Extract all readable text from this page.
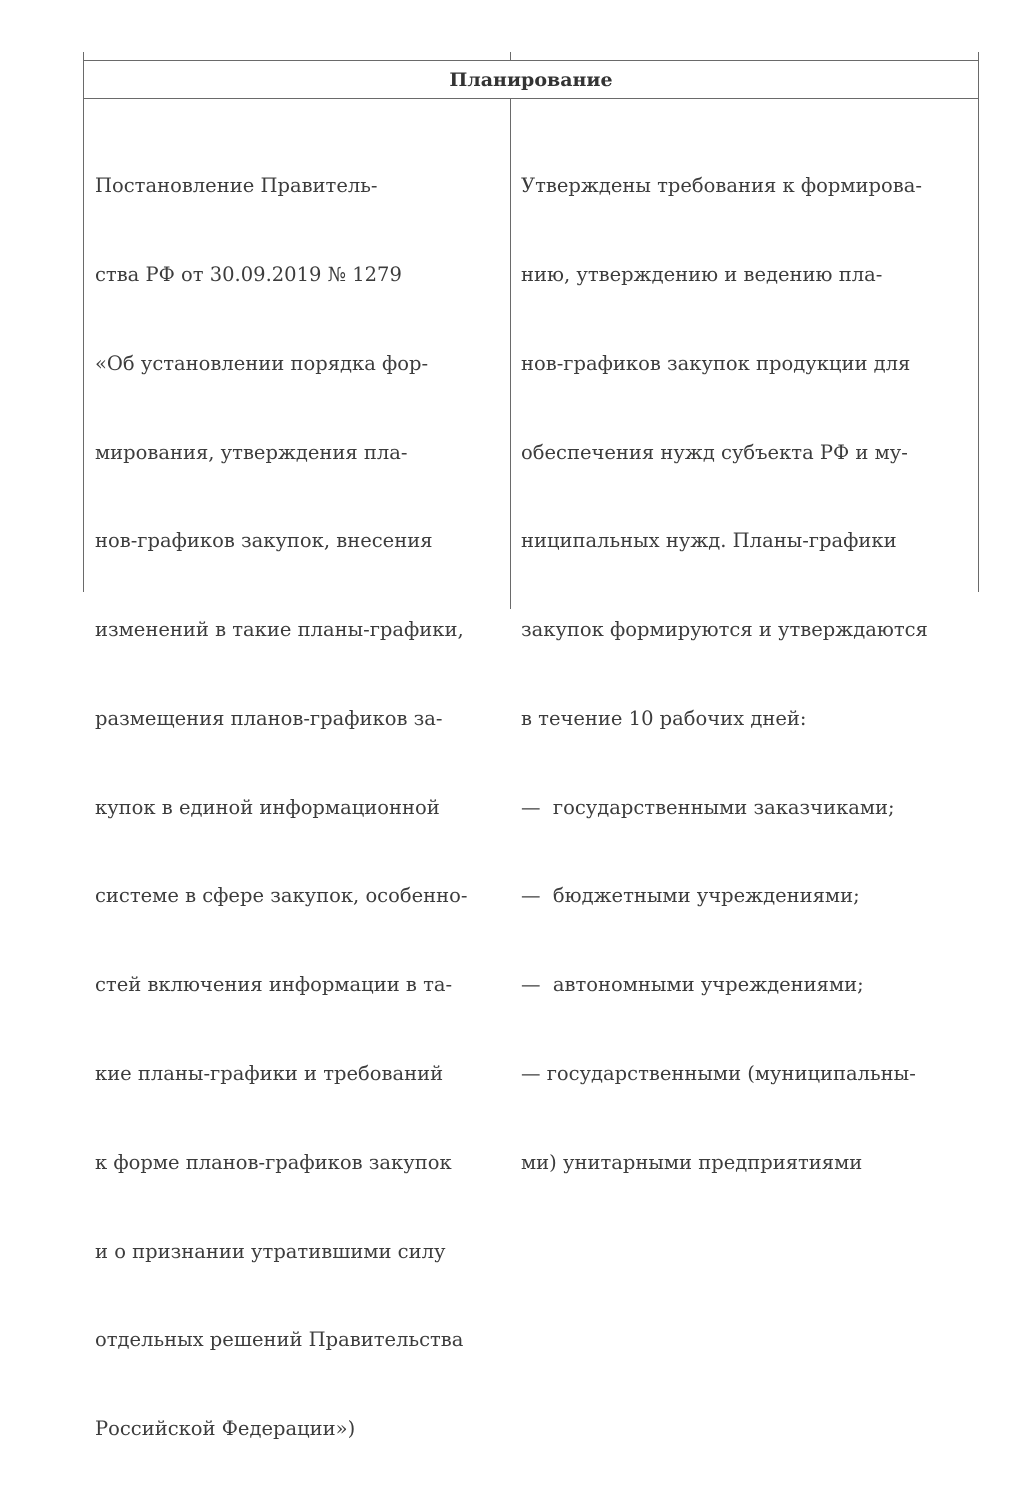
Планирование

Постановление Правитель-

ства РФ от 30.09.2019 № 1279

«Об установлении порядка фор-

мирования, утверждения пла-

нов-графиков закупок, внесения

изменений в такие планы-графики,

размещения планов-графиков за-

купок в единой информационной

системе в сфере закупок, особенно-

стей включения информации в та-

кие планы-графики и требований

к форме планов-графиков закупок

и о признании утратившими силу

отдельных решений Правительства

Российской Федерации»)

Утверждены требования к формирова-

нию, утверждению и ведению пла-

нов-графиков закупок продукции для

обеспечения нужд субъекта РФ и му-

ниципальных нужд. Планы-графики

закупок формируются и утверждаются

в течение 10 рабочих дней:

—  государственными заказчиками;

—  бюджетными учреждениями;

—  автономными учреждениями;

— государственными (муниципальны-

ми) унитарными предприятиями
